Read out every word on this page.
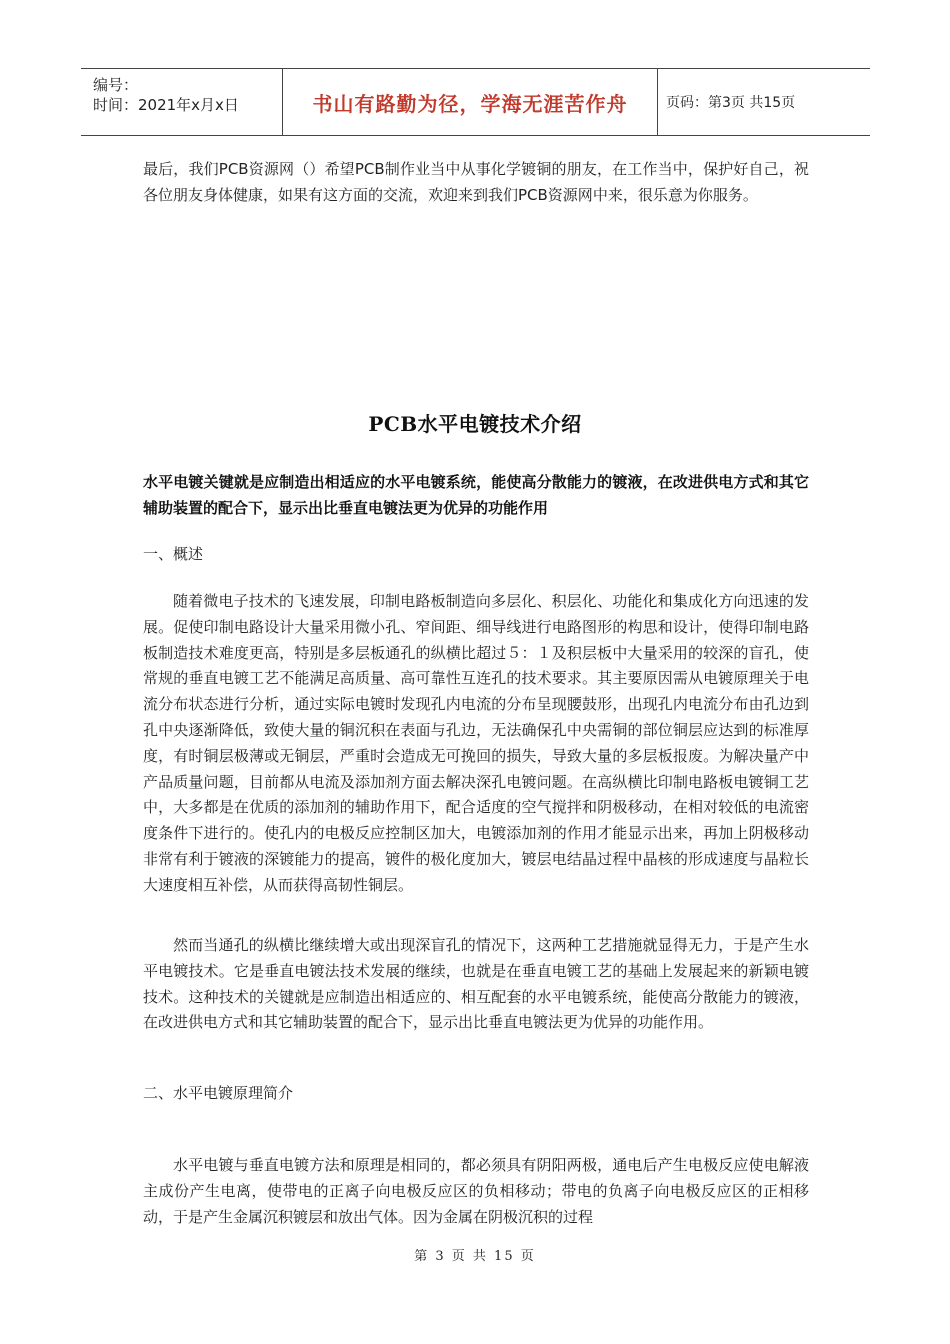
编号：
时间：2021年x月x日	书山有路勤为径，学海无涯苦作舟	页码：第3页 共15页

最后，我们PCB资源网（）希望PCB制作业当中从事化学镀铜的朋友，在工作当中，保护好自己，祝各位朋友身体健康，如果有这方面的交流，欢迎来到我们PCB资源网中来，很乐意为你服务。

PCB水平电镀技术介绍

水平电镀关键就是应制造出相适应的水平电镀系统，能使高分散能力的镀液，在改进供电方式和其它辅助装置的配合下，显示出比垂直电镀法更为优异的功能作用

一、概述

随着微电子技术的飞速发展，印制电路板制造向多层化、积层化、功能化和集成化方向迅速的发展。促使印制电路设计大量采用微小孔、窄间距、细导线进行电路图形的构思和设计，使得印制电路板制造技术难度更高，特别是多层板通孔的纵横比超过５：１及积层板中大量采用的较深的盲孔，使常规的垂直电镀工艺不能满足高质量、高可靠性互连孔的技术要求。其主要原因需从电镀原理关于电流分布状态进行分析，通过实际电镀时发现孔内电流的分布呈现腰鼓形，出现孔内电流分布由孔边到孔中央逐渐降低，致使大量的铜沉积在表面与孔边，无法确保孔中央需铜的部位铜层应达到的标准厚度，有时铜层极薄或无铜层，严重时会造成无可挽回的损失，导致大量的多层板报废。为解决量产中产品质量问题，目前都从电流及添加剂方面去解决深孔电镀问题。在高纵横比印制电路板电镀铜工艺中，大多都是在优质的添加剂的辅助作用下，配合适度的空气搅拌和阴极移动，在相对较低的电流密度条件下进行的。使孔内的电极反应控制区加大，电镀添加剂的作用才能显示出来，再加上阴极移动非常有利于镀液的深镀能力的提高，镀件的极化度加大，镀层电结晶过程中晶核的形成速度与晶粒长大速度相互补偿，从而获得高韧性铜层。

然而当通孔的纵横比继续增大或出现深盲孔的情况下，这两种工艺措施就显得无力，于是产生水平电镀技术。它是垂直电镀法技术发展的继续，也就是在垂直电镀工艺的基础上发展起来的新颖电镀技术。这种技术的关键就是应制造出相适应的、相互配套的水平电镀系统，能使高分散能力的镀液，在改进供电方式和其它辅助装置的配合下，显示出比垂直电镀法更为优异的功能作用。

二、水平电镀原理简介

水平电镀与垂直电镀方法和原理是相同的，都必须具有阴阳两极，通电后产生电极反应使电解液主成份产生电离，使带电的正离子向电极反应区的负相移动；带电的负离子向电极反应区的正相移动，于是产生金属沉积镀层和放出气体。因为金属在阴极沉积的过程

第 3 页 共 15 页
